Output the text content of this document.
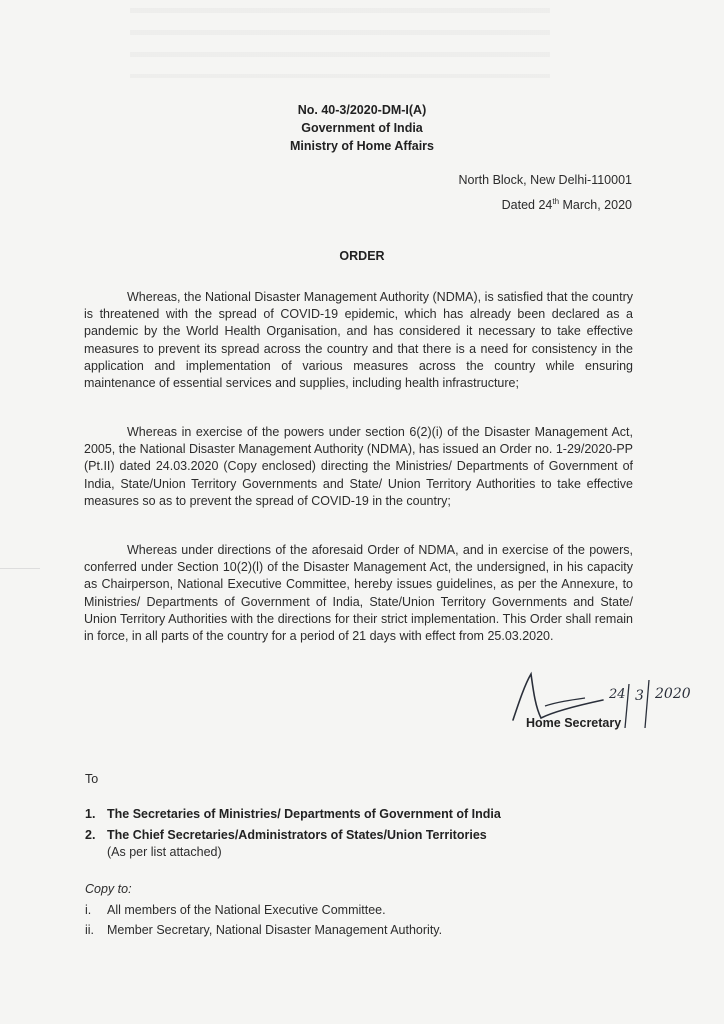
No. 40-3/2020-DM-I(A)
Government of India
Ministry of Home Affairs
North Block, New Delhi-110001
Dated 24th March, 2020
ORDER

Whereas, the National Disaster Management Authority (NDMA), is satisfied that the country is threatened with the spread of COVID-19 epidemic, which has already been declared as a pandemic by the World Health Organisation, and has considered it necessary to take effective measures to prevent its spread across the country and that there is a need for consistency in the application and implementation of various measures across the country while ensuring maintenance of essential services and supplies, including health infrastructure;

Whereas in exercise of the powers under section 6(2)(i) of the Disaster Management Act, 2005, the National Disaster Management Authority (NDMA), has issued an Order no. 1-29/2020-PP (Pt.II) dated 24.03.2020 (Copy enclosed) directing the Ministries/ Departments of Government of India, State/Union Territory Governments and State/ Union Territory Authorities to take effective measures so as to prevent the spread of COVID-19 in the country;

Whereas under directions of the aforesaid Order of NDMA, and in exercise of the powers, conferred under Section 10(2)(l) of the Disaster Management Act, the undersigned, in his capacity as Chairperson, National Executive Committee, hereby issues guidelines, as per the Annexure, to Ministries/ Departments of Government of India, State/Union Territory Governments and State/ Union Territory Authorities with the directions for their strict implementation. This Order shall remain in force, in all parts of the country for a period of 21 days with effect from 25.03.2020.

24 3 2020
Home Secretary
To
1. The Secretaries of Ministries/ Departments of Government of India
2. The Chief Secretaries/Administrators of States/Union Territories
(As per list attached)
Copy to:
i. All members of the National Executive Committee.
ii. Member Secretary, National Disaster Management Authority.
